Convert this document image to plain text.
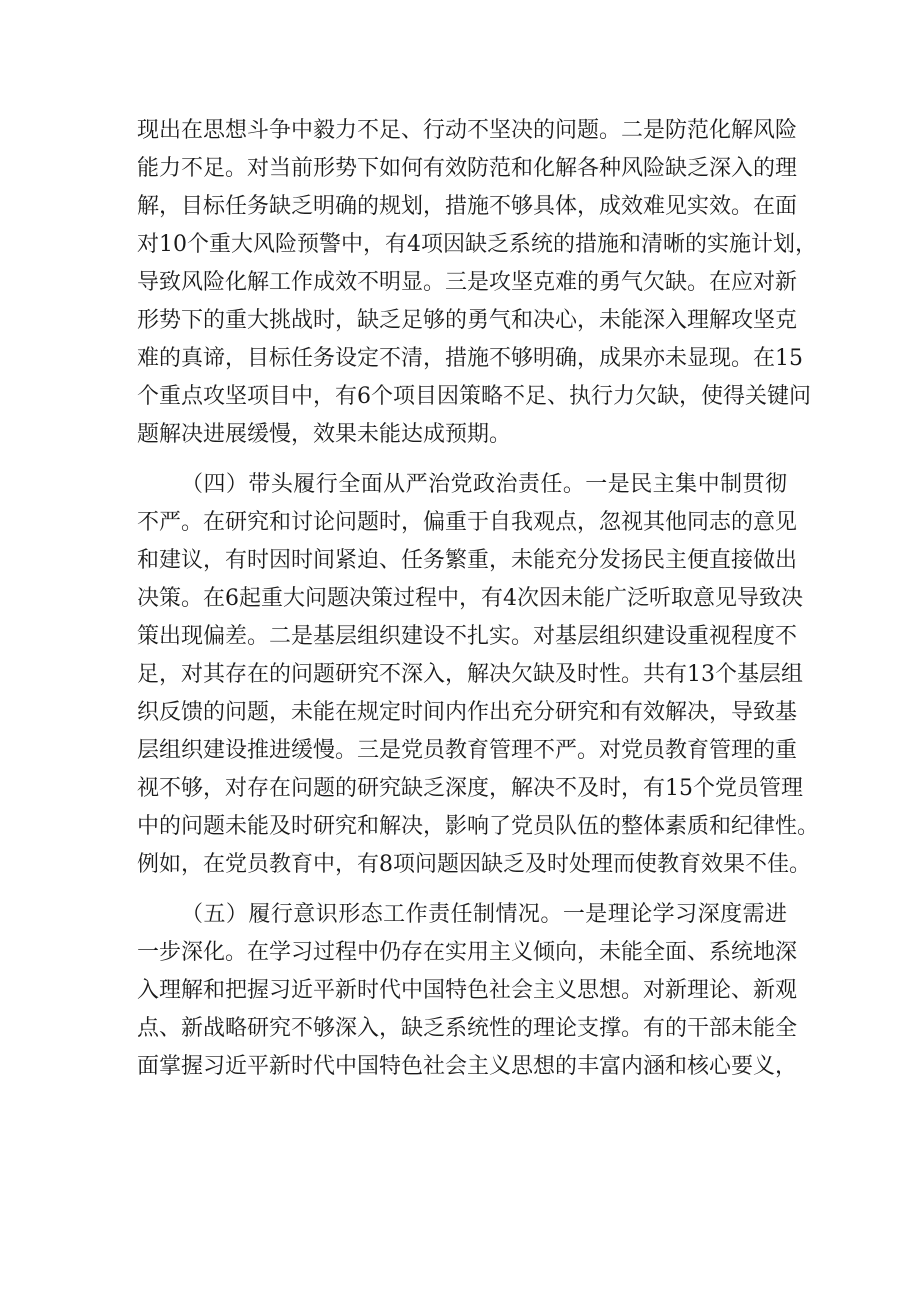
现出在思想斗争中毅力不足、行动不坚决的问题。二是防范化解风险
能力不足。对当前形势下如何有效防范和化解各种风险缺乏深入的理
解，目标任务缺乏明确的规划，措施不够具体，成效难见实效。在面
对10个重大风险预警中，有4项因缺乏系统的措施和清晰的实施计划，
导致风险化解工作成效不明显。三是攻坚克难的勇气欠缺。在应对新
形势下的重大挑战时，缺乏足够的勇气和决心，未能深入理解攻坚克
难的真谛，目标任务设定不清，措施不够明确，成果亦未显现。在15
个重点攻坚项目中，有6个项目因策略不足、执行力欠缺，使得关键问
题解决进展缓慢，效果未能达成预期。
（四）带头履行全面从严治党政治责任。一是民主集中制贯彻
不严。在研究和讨论问题时，偏重于自我观点，忽视其他同志的意见
和建议，有时因时间紧迫、任务繁重，未能充分发扬民主便直接做出
决策。在6起重大问题决策过程中，有4次因未能广泛听取意见导致决
策出现偏差。二是基层组织建设不扎实。对基层组织建设重视程度不
足，对其存在的问题研究不深入，解决欠缺及时性。共有13个基层组
织反馈的问题，未能在规定时间内作出充分研究和有效解决，导致基
层组织建设推进缓慢。三是党员教育管理不严。对党员教育管理的重
视不够，对存在问题的研究缺乏深度，解决不及时，有15个党员管理
中的问题未能及时研究和解决，影响了党员队伍的整体素质和纪律性。
例如，在党员教育中，有8项问题因缺乏及时处理而使教育效果不佳。
（五）履行意识形态工作责任制情况。一是理论学习深度需进
一步深化。在学习过程中仍存在实用主义倾向，未能全面、系统地深
入理解和把握习近平新时代中国特色社会主义思想。对新理论、新观
点、新战略研究不够深入，缺乏系统性的理论支撑。有的干部未能全
面掌握习近平新时代中国特色社会主义思想的丰富内涵和核心要义，
